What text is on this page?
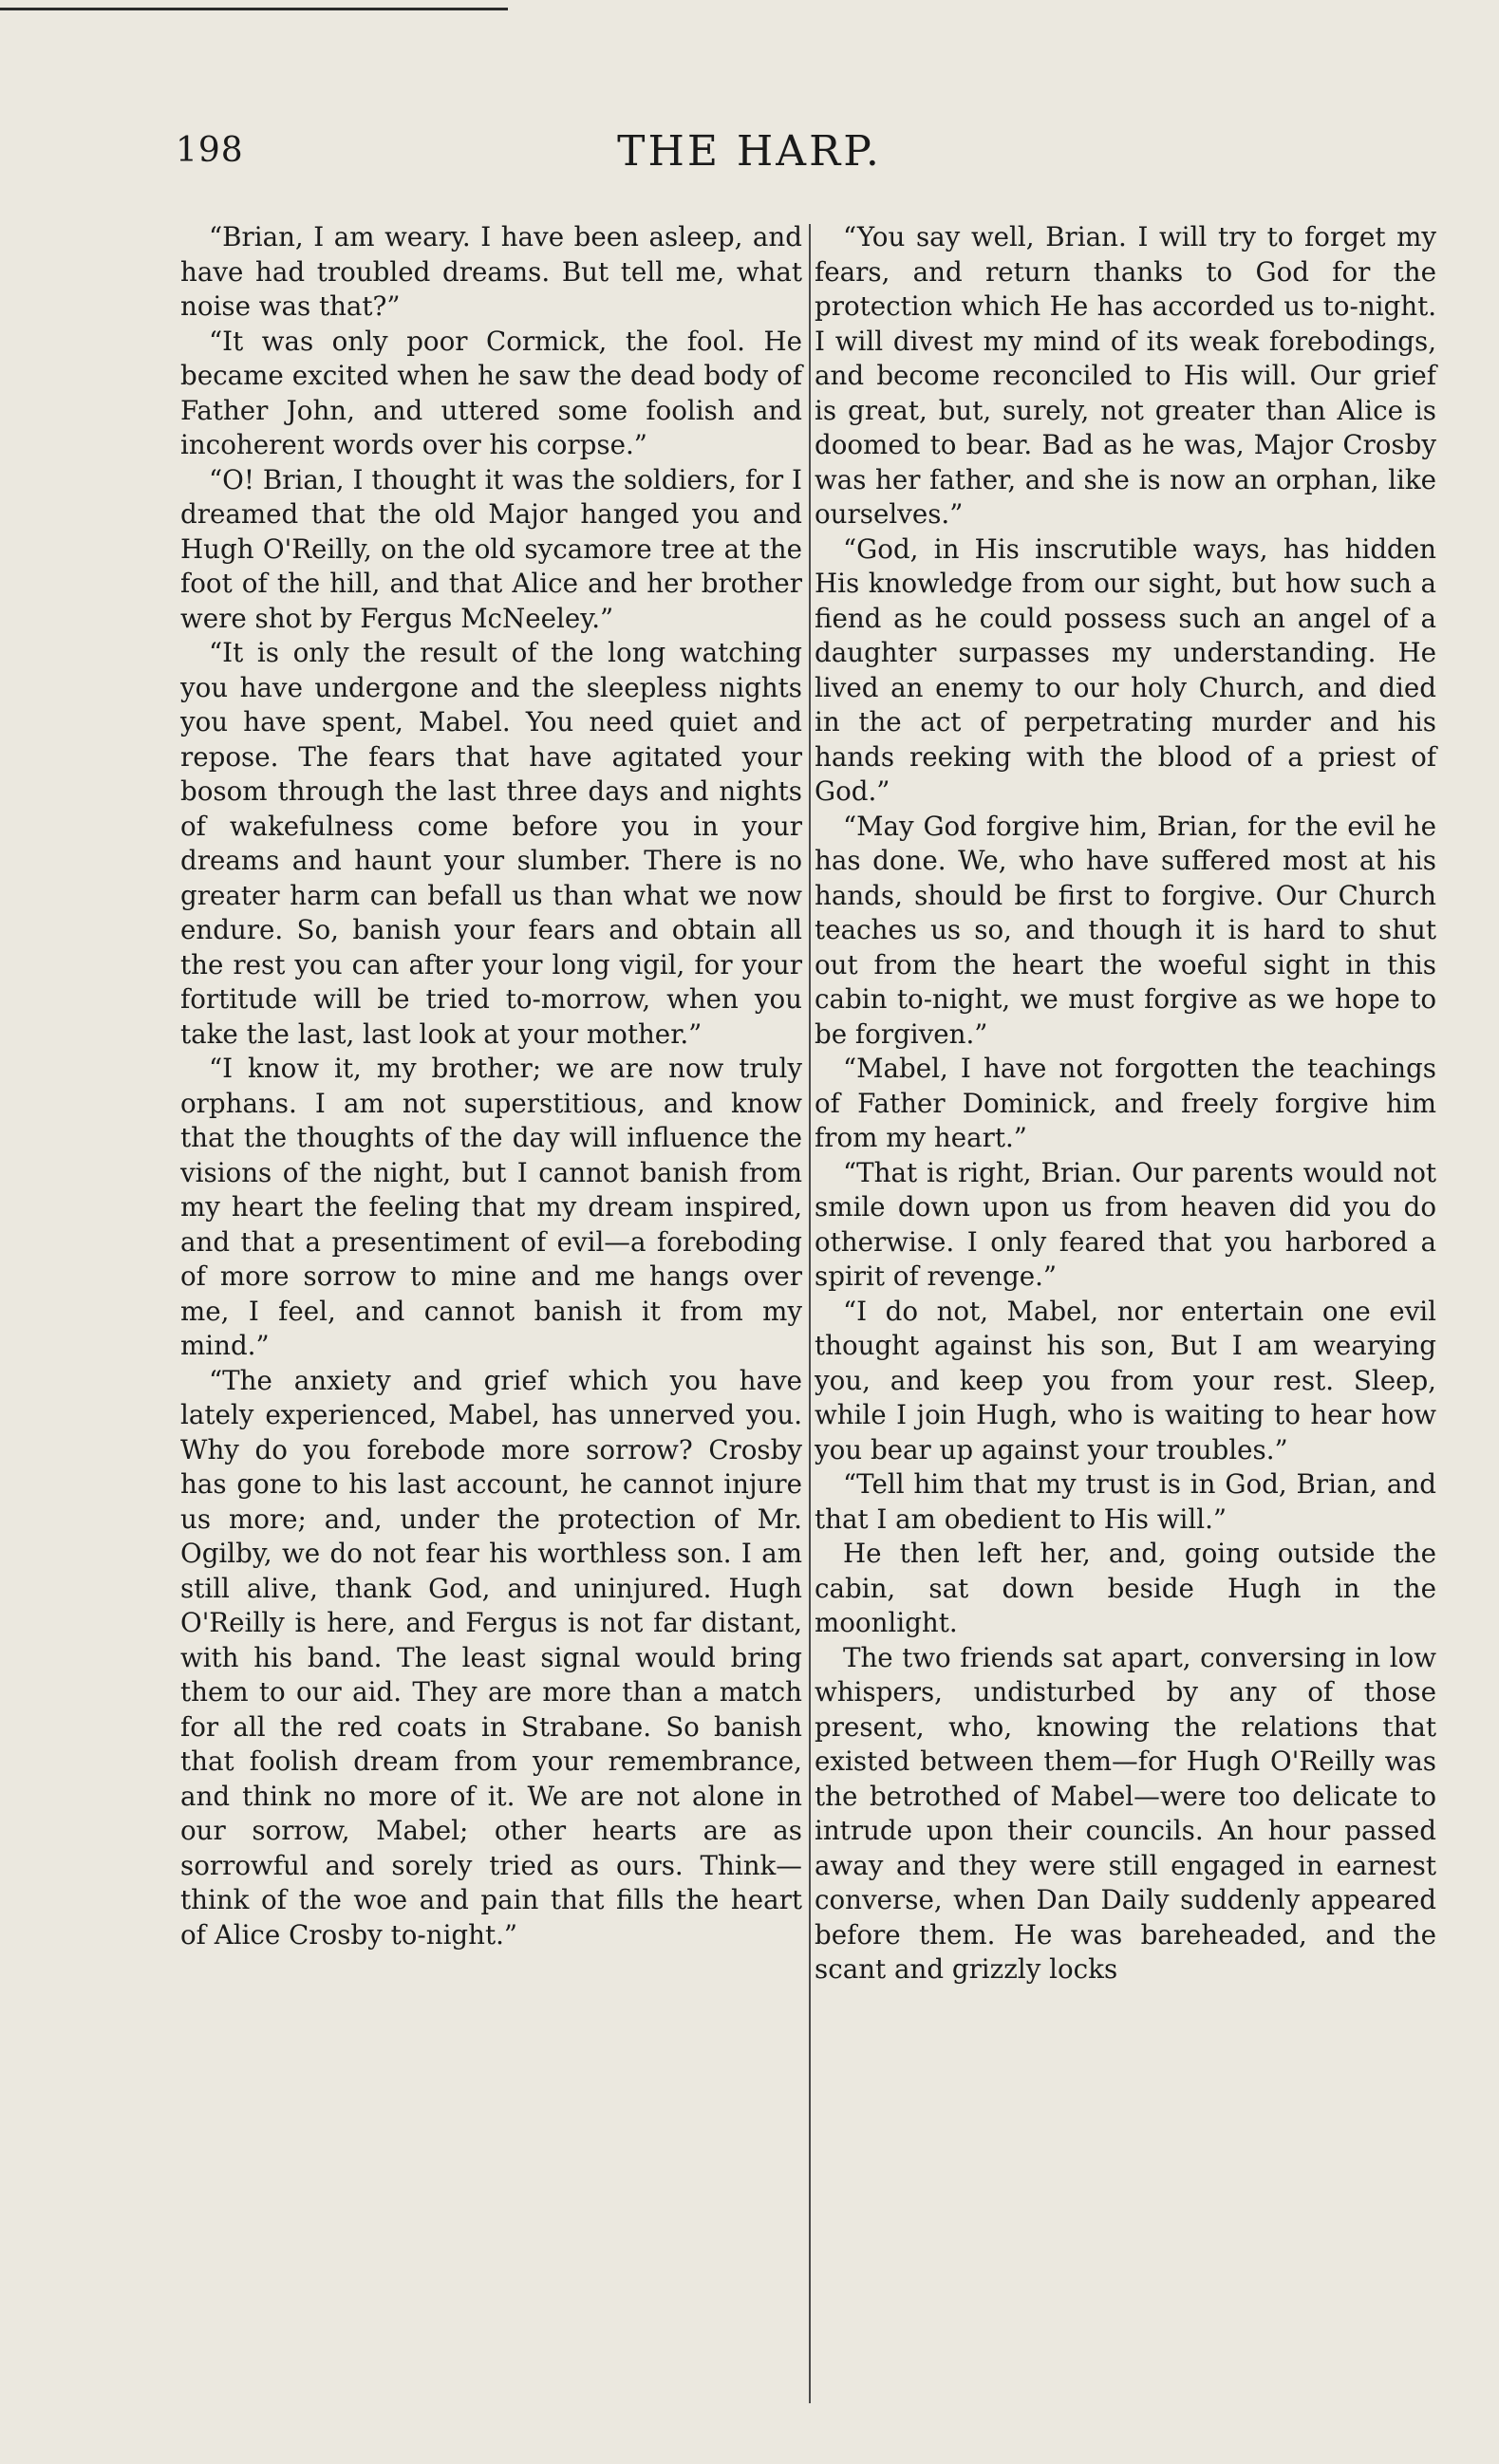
198	THE HARP.

“Brian, I am weary. I have been asleep, and have had troubled dreams. But tell me, what noise was that?”

“It was only poor Cormick, the fool. He became excited when he saw the dead body of Father John, and uttered some foolish and incoherent words over his corpse.”

“O! Brian, I thought it was the soldiers, for I dreamed that the old Major hanged you and Hugh O'Reilly, on the old sycamore tree at the foot of the hill, and that Alice and her brother were shot by Fergus McNeeley.”

“It is only the result of the long watching you have undergone and the sleepless nights you have spent, Mabel. You need quiet and repose. The fears that have agitated your bosom through the last three days and nights of wakefulness come before you in your dreams and haunt your slumber. There is no greater harm can befall us than what we now endure. So, banish your fears and obtain all the rest you can after your long vigil, for your fortitude will be tried to-morrow, when you take the last, last look at your mother.”

“I know it, my brother; we are now truly orphans. I am not superstitious, and know that the thoughts of the day will influence the visions of the night, but I cannot banish from my heart the feeling that my dream inspired, and that a presentiment of evil—a foreboding of more sorrow to mine and me hangs over me, I feel, and cannot banish it from my mind.”

“The anxiety and grief which you have lately experienced, Mabel, has unnerved you. Why do you forebode more sorrow? Crosby has gone to his last account, he cannot injure us more; and, under the protection of Mr. Ogilby, we do not fear his worthless son. I am still alive, thank God, and uninjured. Hugh O'Reilly is here, and Fergus is not far distant, with his band. The least signal would bring them to our aid. They are more than a match for all the red coats in Strabane. So banish that foolish dream from your remembrance, and think no more of it. We are not alone in our sorrow, Mabel; other hearts are as sorrowful and sorely tried as ours. Think—think of the woe and pain that fills the heart of Alice Crosby to-night.”

“You say well, Brian. I will try to forget my fears, and return thanks to God for the protection which He has accorded us to-night. I will divest my mind of its weak forebodings, and become reconciled to His will. Our grief is great, but, surely, not greater than Alice is doomed to bear. Bad as he was, Major Crosby was her father, and she is now an orphan, like ourselves.”

“God, in His inscrutible ways, has hidden His knowledge from our sight, but how such a fiend as he could possess such an angel of a daughter surpasses my understanding. He lived an enemy to our holy Church, and died in the act of perpetrating murder and his hands reeking with the blood of a priest of God.”

“May God forgive him, Brian, for the evil he has done. We, who have suffered most at his hands, should be first to forgive. Our Church teaches us so, and though it is hard to shut out from the heart the woeful sight in this cabin to-night, we must forgive as we hope to be forgiven.”

“Mabel, I have not forgotten the teachings of Father Dominick, and freely forgive him from my heart.”

“That is right, Brian. Our parents would not smile down upon us from heaven did you do otherwise. I only feared that you harbored a spirit of revenge.”

“I do not, Mabel, nor entertain one evil thought against his son, But I am wearying you, and keep you from your rest. Sleep, while I join Hugh, who is waiting to hear how you bear up against your troubles.”

“Tell him that my trust is in God, Brian, and that I am obedient to His will.”

He then left her, and, going outside the cabin, sat down beside Hugh in the moonlight.

The two friends sat apart, conversing in low whispers, undisturbed by any of those present, who, knowing the relations that existed between them—for Hugh O'Reilly was the betrothed of Mabel—were too delicate to intrude upon their councils. An hour passed away and they were still engaged in earnest converse, when Dan Daily suddenly appeared before them. He was bareheaded, and the scant and grizzly locks
